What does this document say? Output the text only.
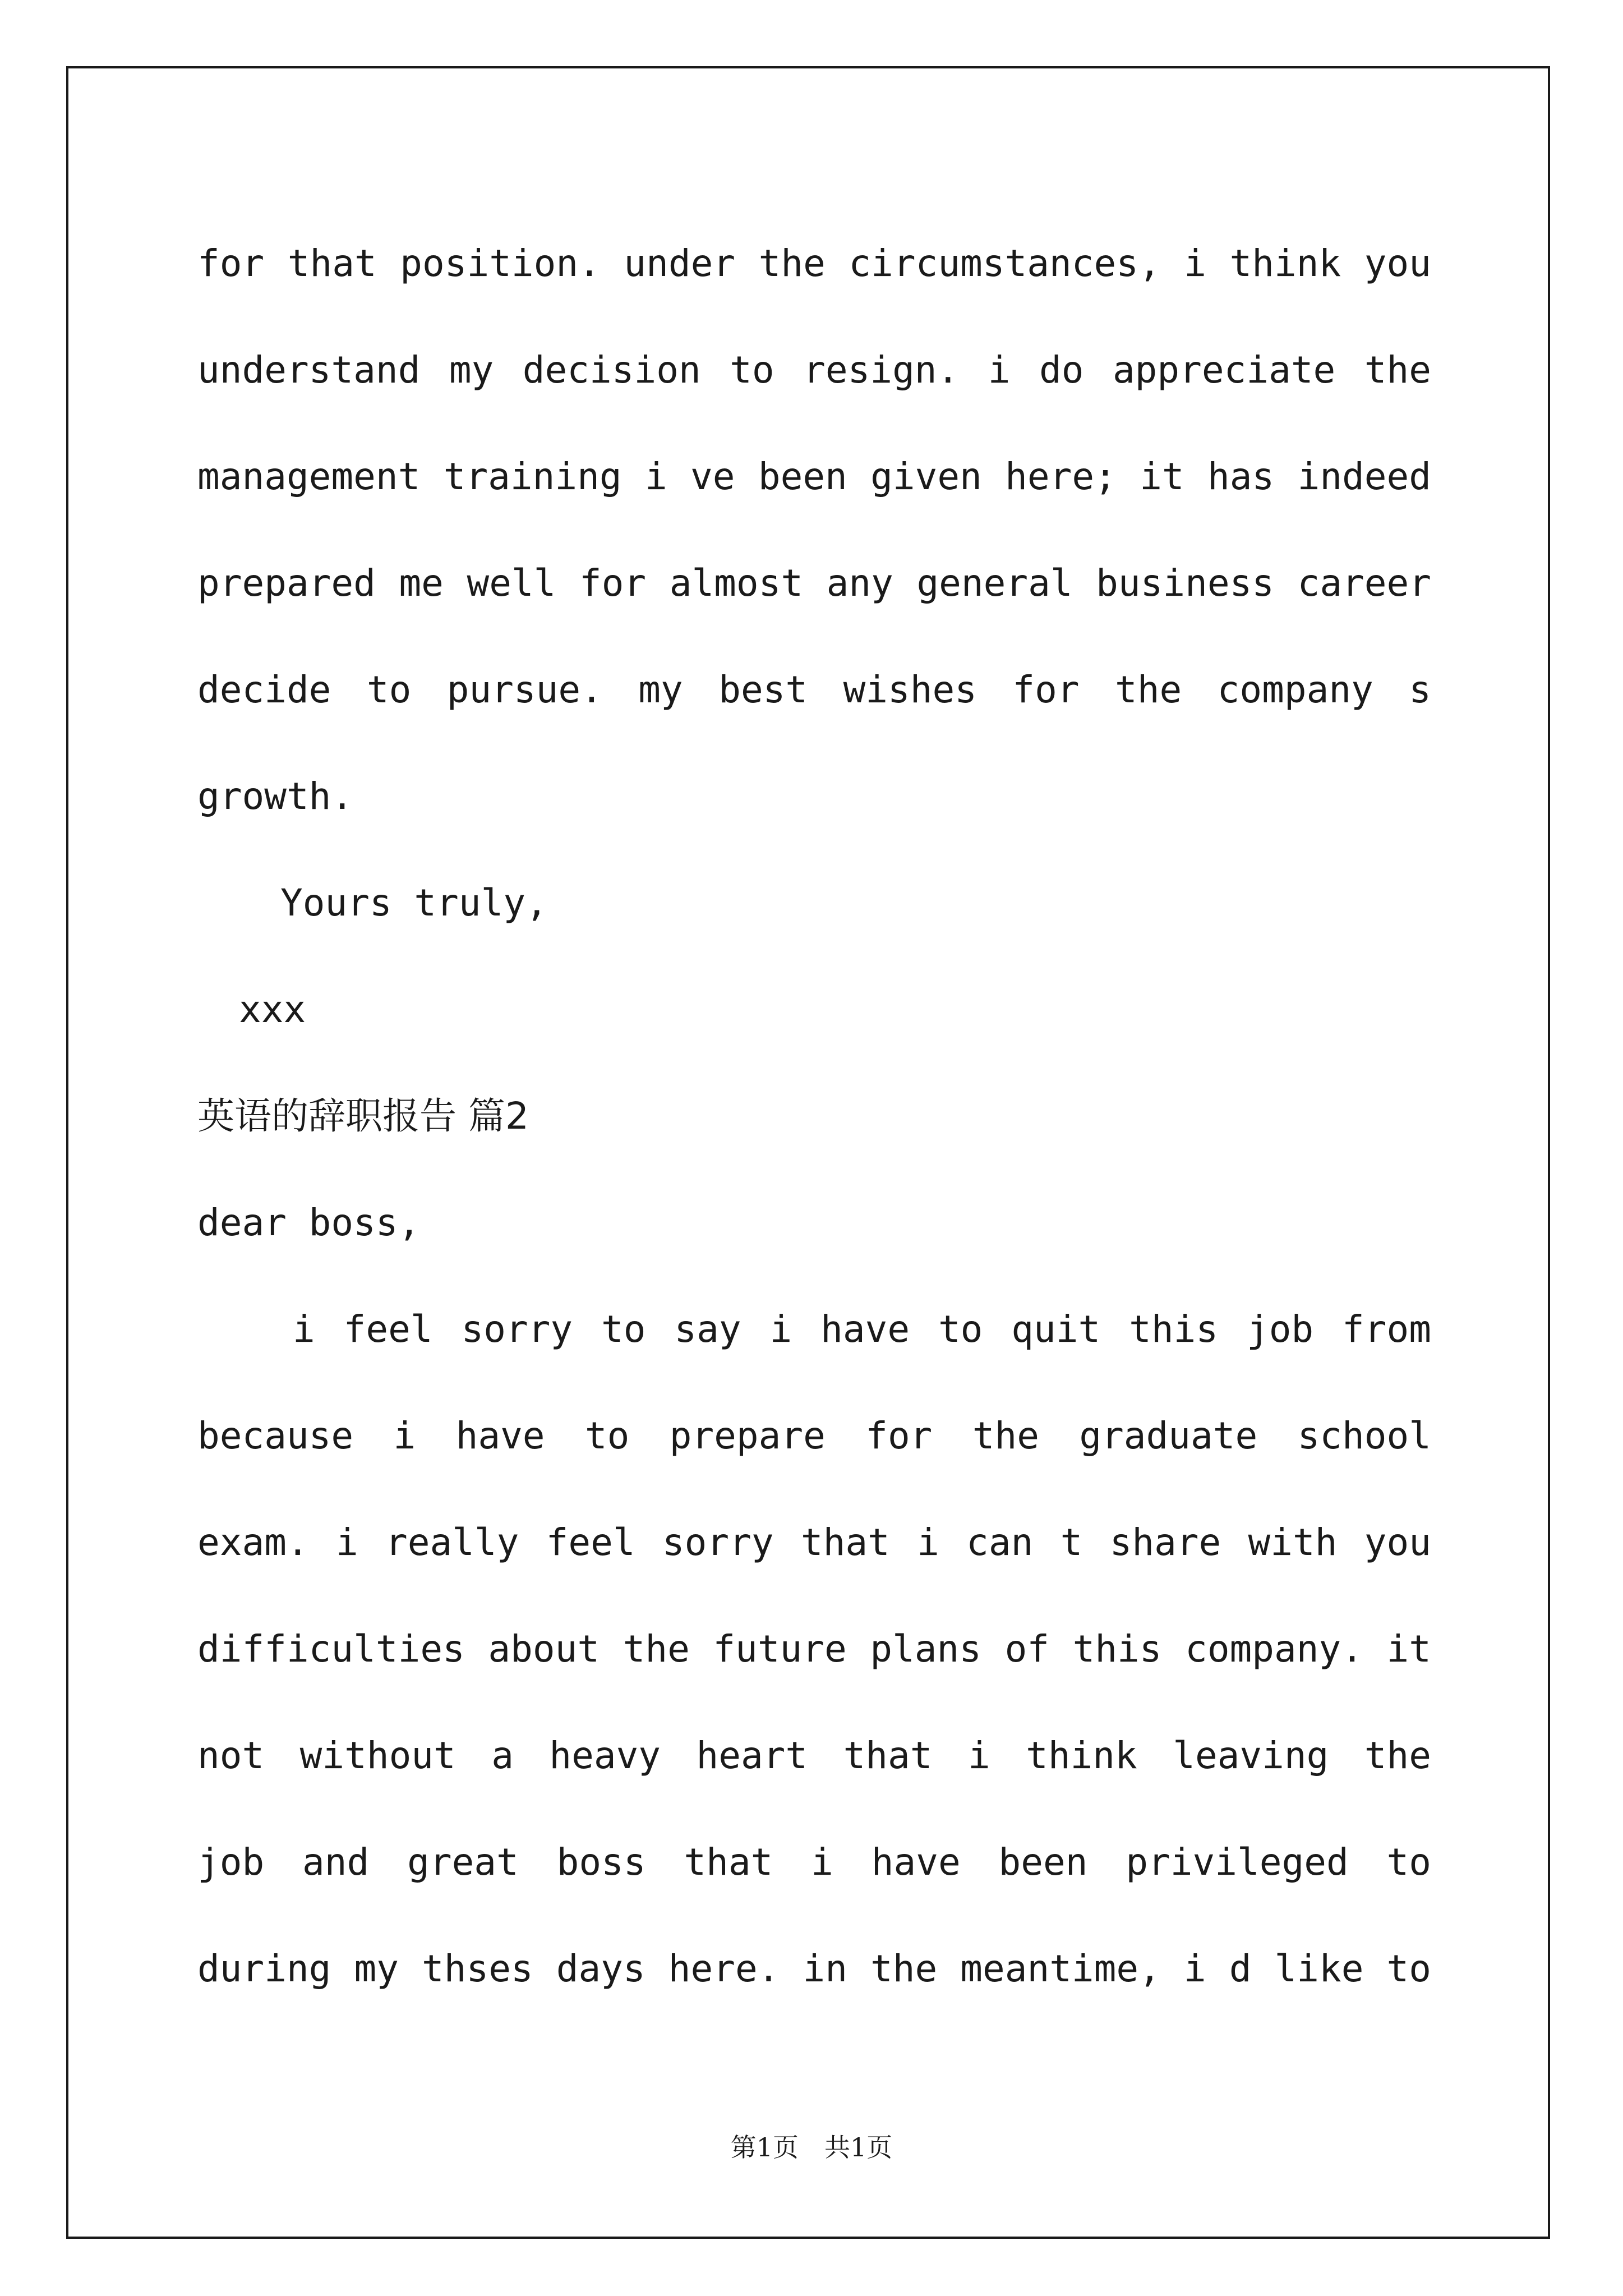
for that position. under the circumstances, i think you
understand my decision to resign. i do appreciate the
management training i ve been given here; it has indeed
prepared me well for almost any general business career
decide to pursue. my best wishes for the company s
growth.
Yours truly,
xxx
英语的辞职报告 篇2
dear boss,
i feel sorry to say i have to quit this job from
because i have to prepare for the graduate school
exam. i really feel sorry that i can t share with you
difficulties about the future plans of this company. it
not without a heavy heart that i think leaving the
job and great boss that i have been privileged to
during my thses days here. in the meantime, i d like to
第1页　共1页
